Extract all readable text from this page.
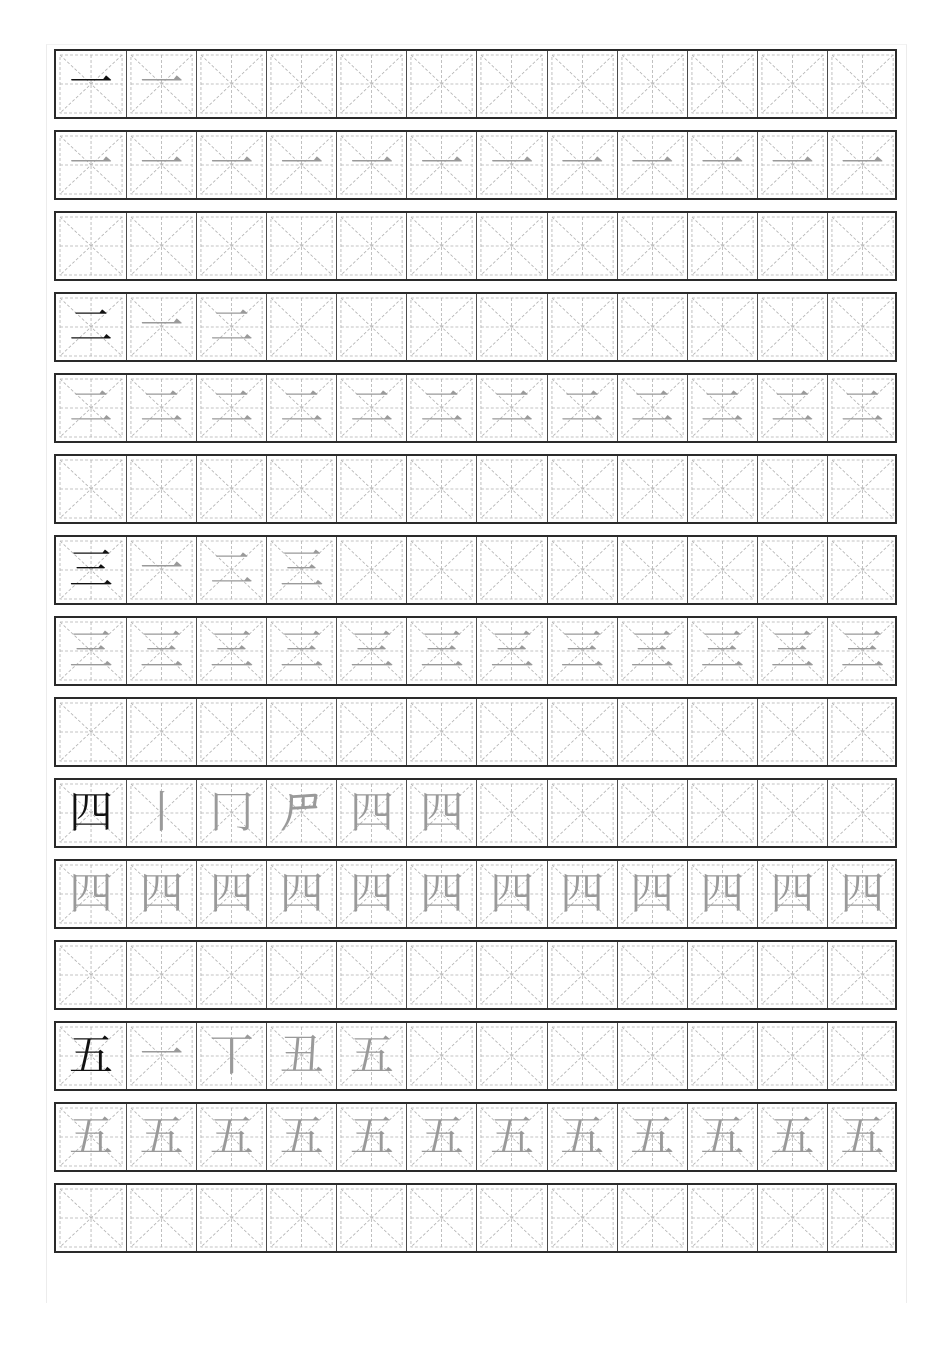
一 一
一 一 一 一 一 一 一 一 一 一 一 一
二 一 二
二 二 二 二 二 二 二 二 二 二 二 二
三 一 二 三
三 三 三 三 三 三 三 三 三 三 三 三
四 丨 冂 𠃜 四 四
四 四 四 四 四 四 四 四 四 四 四 四
五 一 丅 丑 五
五 五 五 五 五 五 五 五 五 五 五 五
